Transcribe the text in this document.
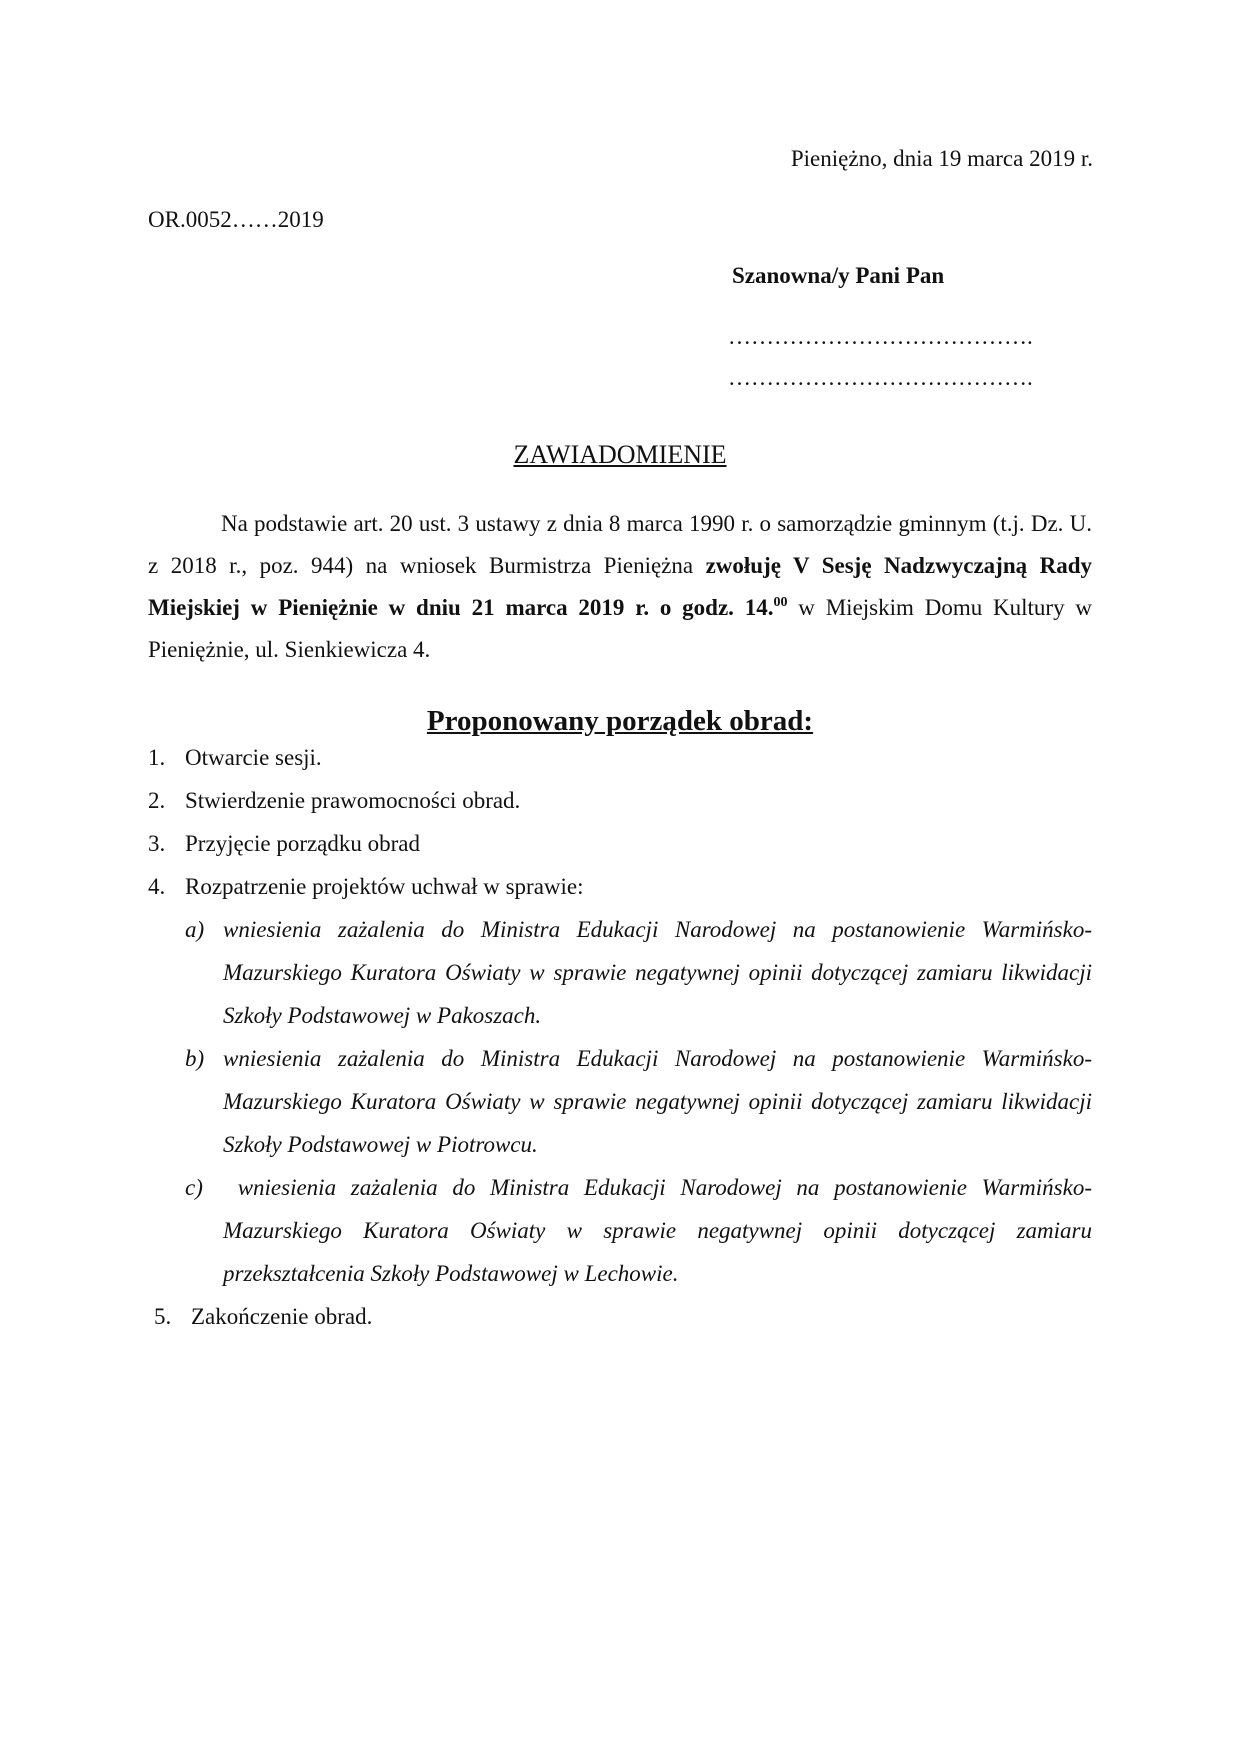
Pieniężno, dnia 19 marca 2019 r.
OR.0052……2019
Szanowna/y Pani Pan
………………………………….
………………………………….
ZAWIADOMIENIE

Na podstawie art. 20 ust. 3 ustawy z dnia 8 marca 1990 r. o samorządzie gminnym (t.j. Dz. U. z 2018 r., poz. 944) na wniosek Burmistrza Pieniężna zwołuję V Sesję Nadzwyczajną Rady Miejskiej w Pieniężnie w dniu 21 marca 2019 r. o godz. 14.00 w Miejskim Domu Kultury w Pieniężnie, ul. Sienkiewicza 4.

Proponowany porządek obrad:
1. Otwarcie sesji.
2. Stwierdzenie prawomocności obrad.
3. Przyjęcie porządku obrad
4. Rozpatrzenie projektów uchwał w sprawie:
a) wniesienia zażalenia do Ministra Edukacji Narodowej na postanowienie Warmińsko-Mazurskiego Kuratora Oświaty w sprawie negatywnej opinii dotyczącej zamiaru likwidacji Szkoły Podstawowej w Pakoszach.
b) wniesienia zażalenia do Ministra Edukacji Narodowej na postanowienie Warmińsko-Mazurskiego Kuratora Oświaty w sprawie negatywnej opinii dotyczącej zamiaru likwidacji Szkoły Podstawowej w Piotrowcu.
c) wniesienia zażalenia do Ministra Edukacji Narodowej na postanowienie Warmińsko-Mazurskiego Kuratora Oświaty w sprawie negatywnej opinii dotyczącej zamiaru przekształcenia Szkoły Podstawowej w Lechowie.
5. Zakończenie obrad.
